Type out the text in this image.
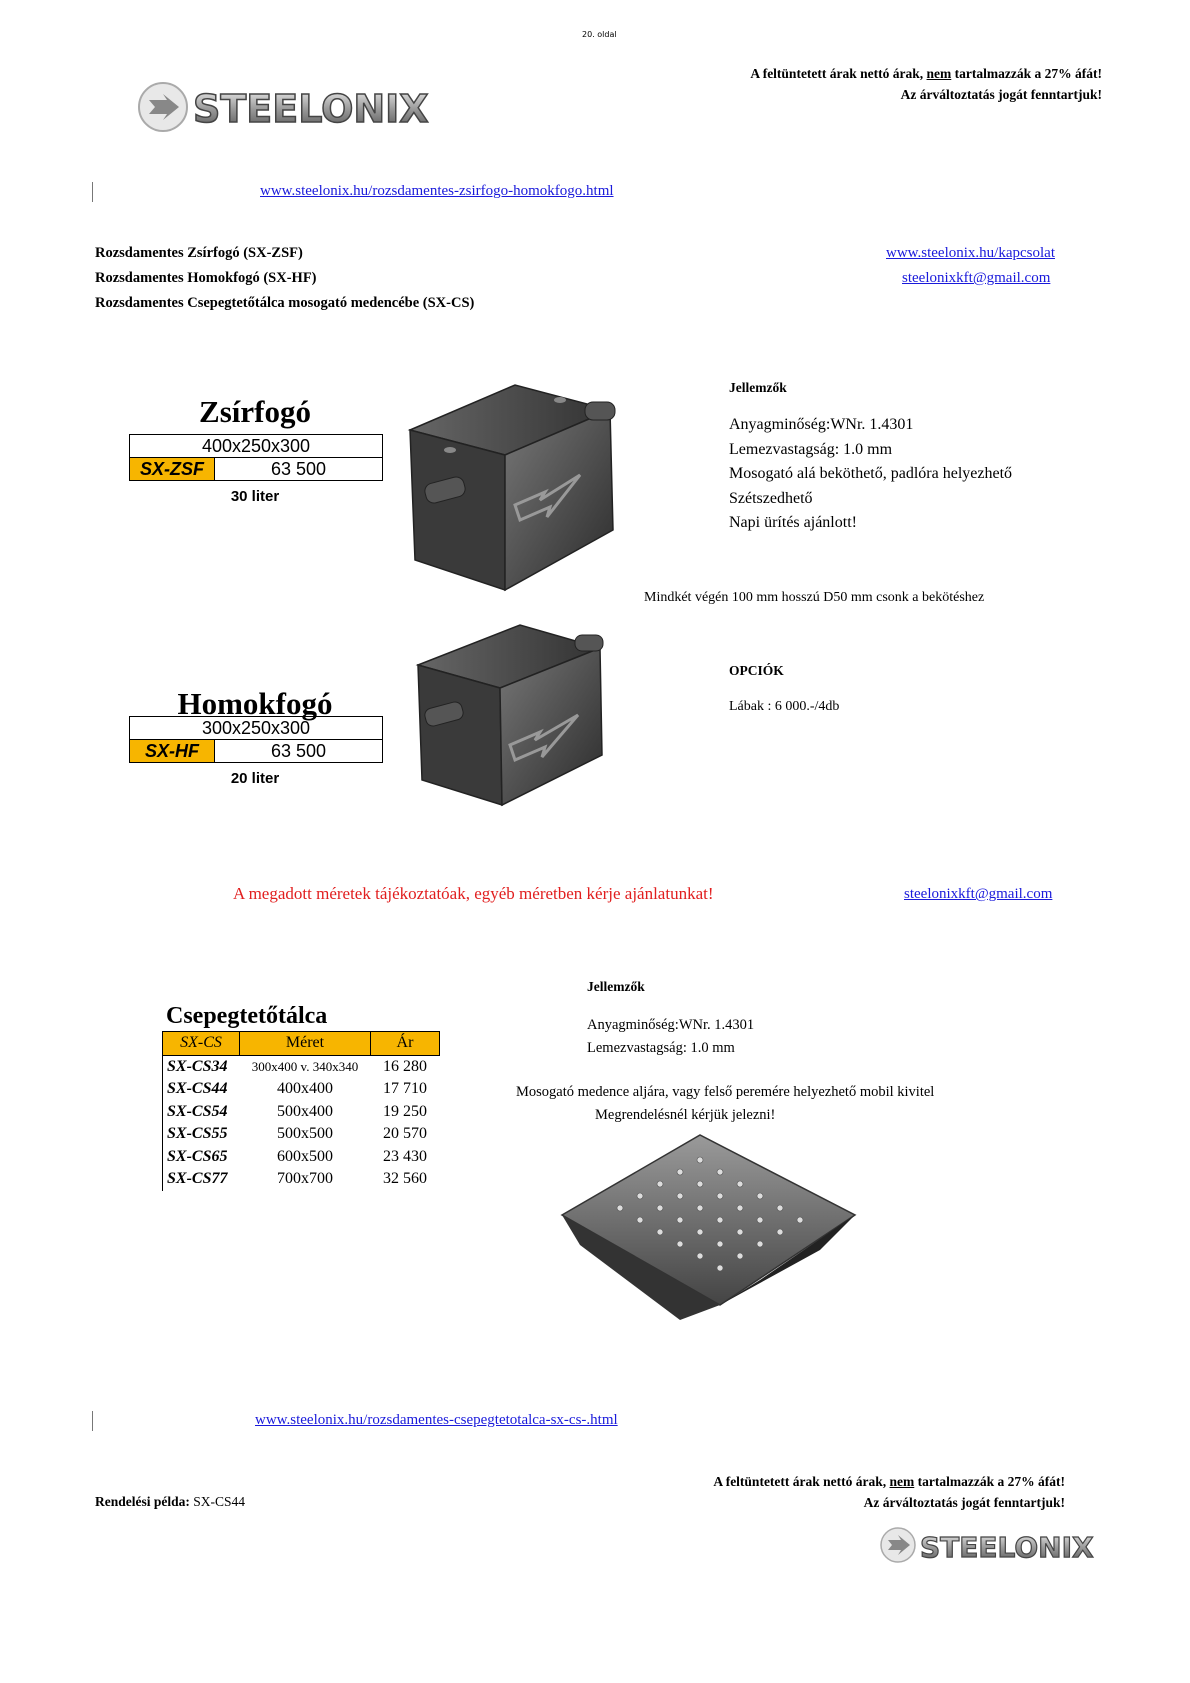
20. oldal
A feltüntetett árak nettó árak, nem tartalmazzák a 27% áfát!
Az árváltoztatás jogát fenntartjuk!
STEELONIX
www.steelonix.hu/rozsdamentes-zsirfogo-homokfogo.html
Rozsdamentes Zsírfogó (SX-ZSF)
Rozsdamentes Homokfogó (SX-HF)
Rozsdamentes Csepegtetőtálca mosogató medencébe (SX-CS)
www.steelonix.hu/kapcsolat
steelonixkft@gmail.com
Zsírfogó
400x250x300
SX-ZSF	63 500
30 liter
Jellemzők
Anyagminőség:WNr. 1.4301
Lemezvastagság: 1.0 mm
Mosogató alá beköthető, padlóra helyezhető
Szétszedhető
Napi ürítés ajánlott!
Mindkét végén 100 mm hosszú D50 mm csonk a bekötéshez
OPCIÓK
Lábak : 6 000.-/4db
Homokfogó
300x250x300
SX-HF	63 500
20 liter
A megadott méretek tájékoztatóak, egyéb méretben kérje ajánlatunkat!	steelonixkft@gmail.com
Csepegtetőtálca
SX-CS	Méret	Ár
SX-CS34	300x400 v. 340x340	16 280
SX-CS44	400x400	17 710
SX-CS54	500x400	19 250
SX-CS55	500x500	20 570
SX-CS65	600x500	23 430
SX-CS77	700x700	32 560
Jellemzők
Anyagminőség:WNr. 1.4301
Lemezvastagság: 1.0 mm
Mosogató medence aljára, vagy felső peremére helyezhető mobil kivitel
Megrendelésnél kérjük jelezni!
www.steelonix.hu/rozsdamentes-csepegtetotalca-sx-cs-.html
A feltüntetett árak nettó árak, nem tartalmazzák a 27% áfát!
Az árváltoztatás jogát fenntartjuk!
Rendelési példa: SX-CS44
STEELONIX
